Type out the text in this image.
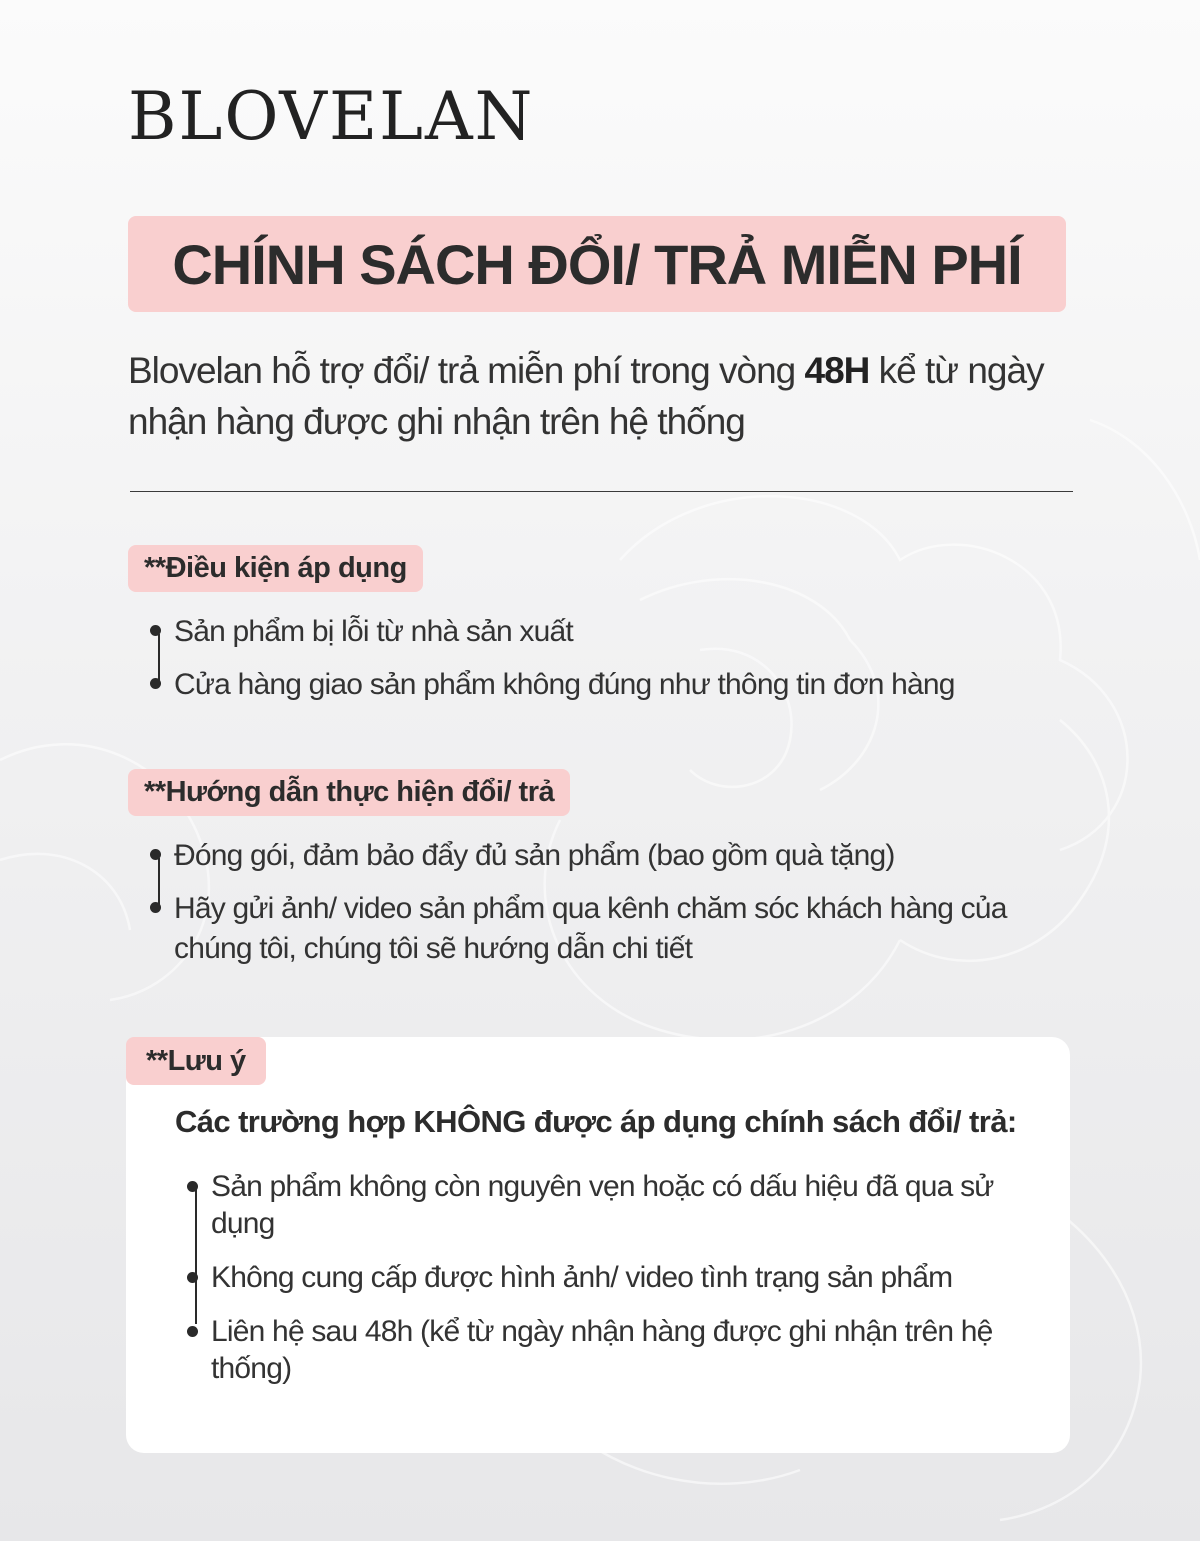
BLOVELAN
CHÍNH SÁCH ĐỔI/ TRẢ MIỄN PHÍ
Blovelan hỗ trợ đổi/ trả miễn phí trong vòng 48H kể từ ngày nhận hàng được ghi nhận trên hệ thống
**Điều kiện áp dụng
Sản phẩm bị lỗi từ nhà sản xuất
Cửa hàng giao sản phẩm không đúng như thông tin đơn hàng
**Hướng dẫn thực hiện đổi/ trả
Đóng gói, đảm bảo đẩy đủ sản phẩm (bao gồm quà tặng)
Hãy gửi ảnh/ video sản phẩm qua kênh chăm sóc khách hàng của chúng tôi, chúng tôi sẽ hướng dẫn chi tiết
**Lưu ý
Các trường hợp KHÔNG được áp dụng chính sách đổi/ trả:
Sản phẩm không còn nguyên vẹn hoặc có dấu hiệu đã qua sử dụng
Không cung cấp được hình ảnh/ video tình trạng sản phẩm
Liên hệ sau 48h (kể từ ngày nhận hàng được ghi nhận trên hệ thống)
